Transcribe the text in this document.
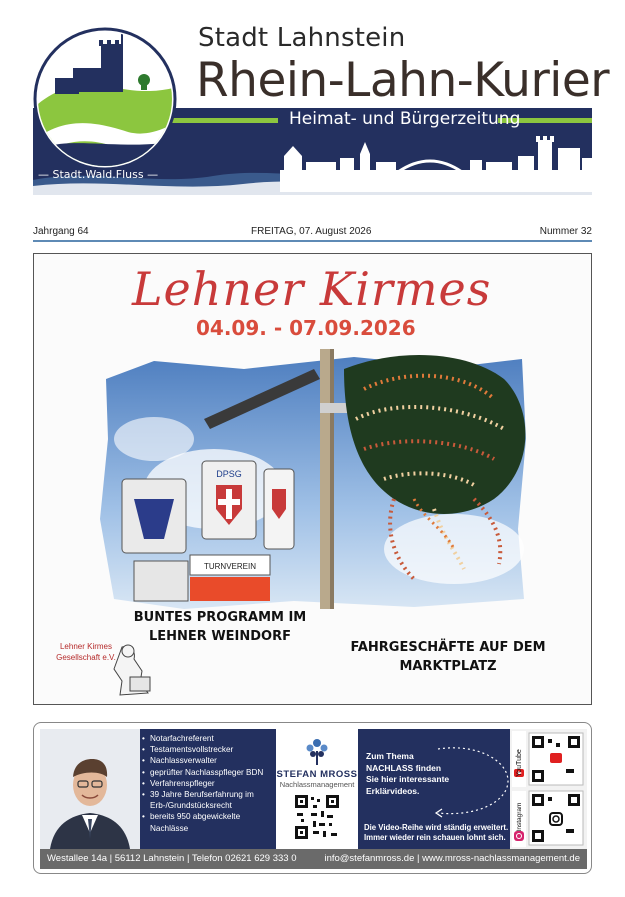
Stadt Lahnstein
Rhein-Lahn-Kurier
Heimat- und Bürgerzeitung
— Stadt.Wald.Fluss —
Jahrgang 64	FREITAG, 07. August 2026	Nummer 32
Lehner Kirmes
04.09. - 07.09.2026
DPSG
TURNVEREIN
BUNTES PROGRAMM IM LEHNER WEINDORF
FAHRGESCHÄFTE AUF DEM MARKTPLATZ
Lehner Kirmes Gesellschaft e.V.
• Notarfachreferent
• Testamentsvollstrecker
• Nachlassverwalter
• geprüfter Nachlasspfleger BDN
• Verfahrenspfleger
• 39 Jahre Berufserfahrung im Erb-/Grundstücksrecht
• bereits 950 abgewickelte Nachlässe
STEFAN MROSS
Nachlassmanagement
Zum Thema NACHLASS finden Sie hier interessante Erklärvideos.
Die Video-Reihe wird ständig erweitert. Immer wieder rein schauen lohnt sich.
YouTube
Instagram
Westallee 14a | 56112 Lahnstein | Telefon 02621 629 333 0	info@stefanmross.de | www.mross-nachlassmanagement.de
